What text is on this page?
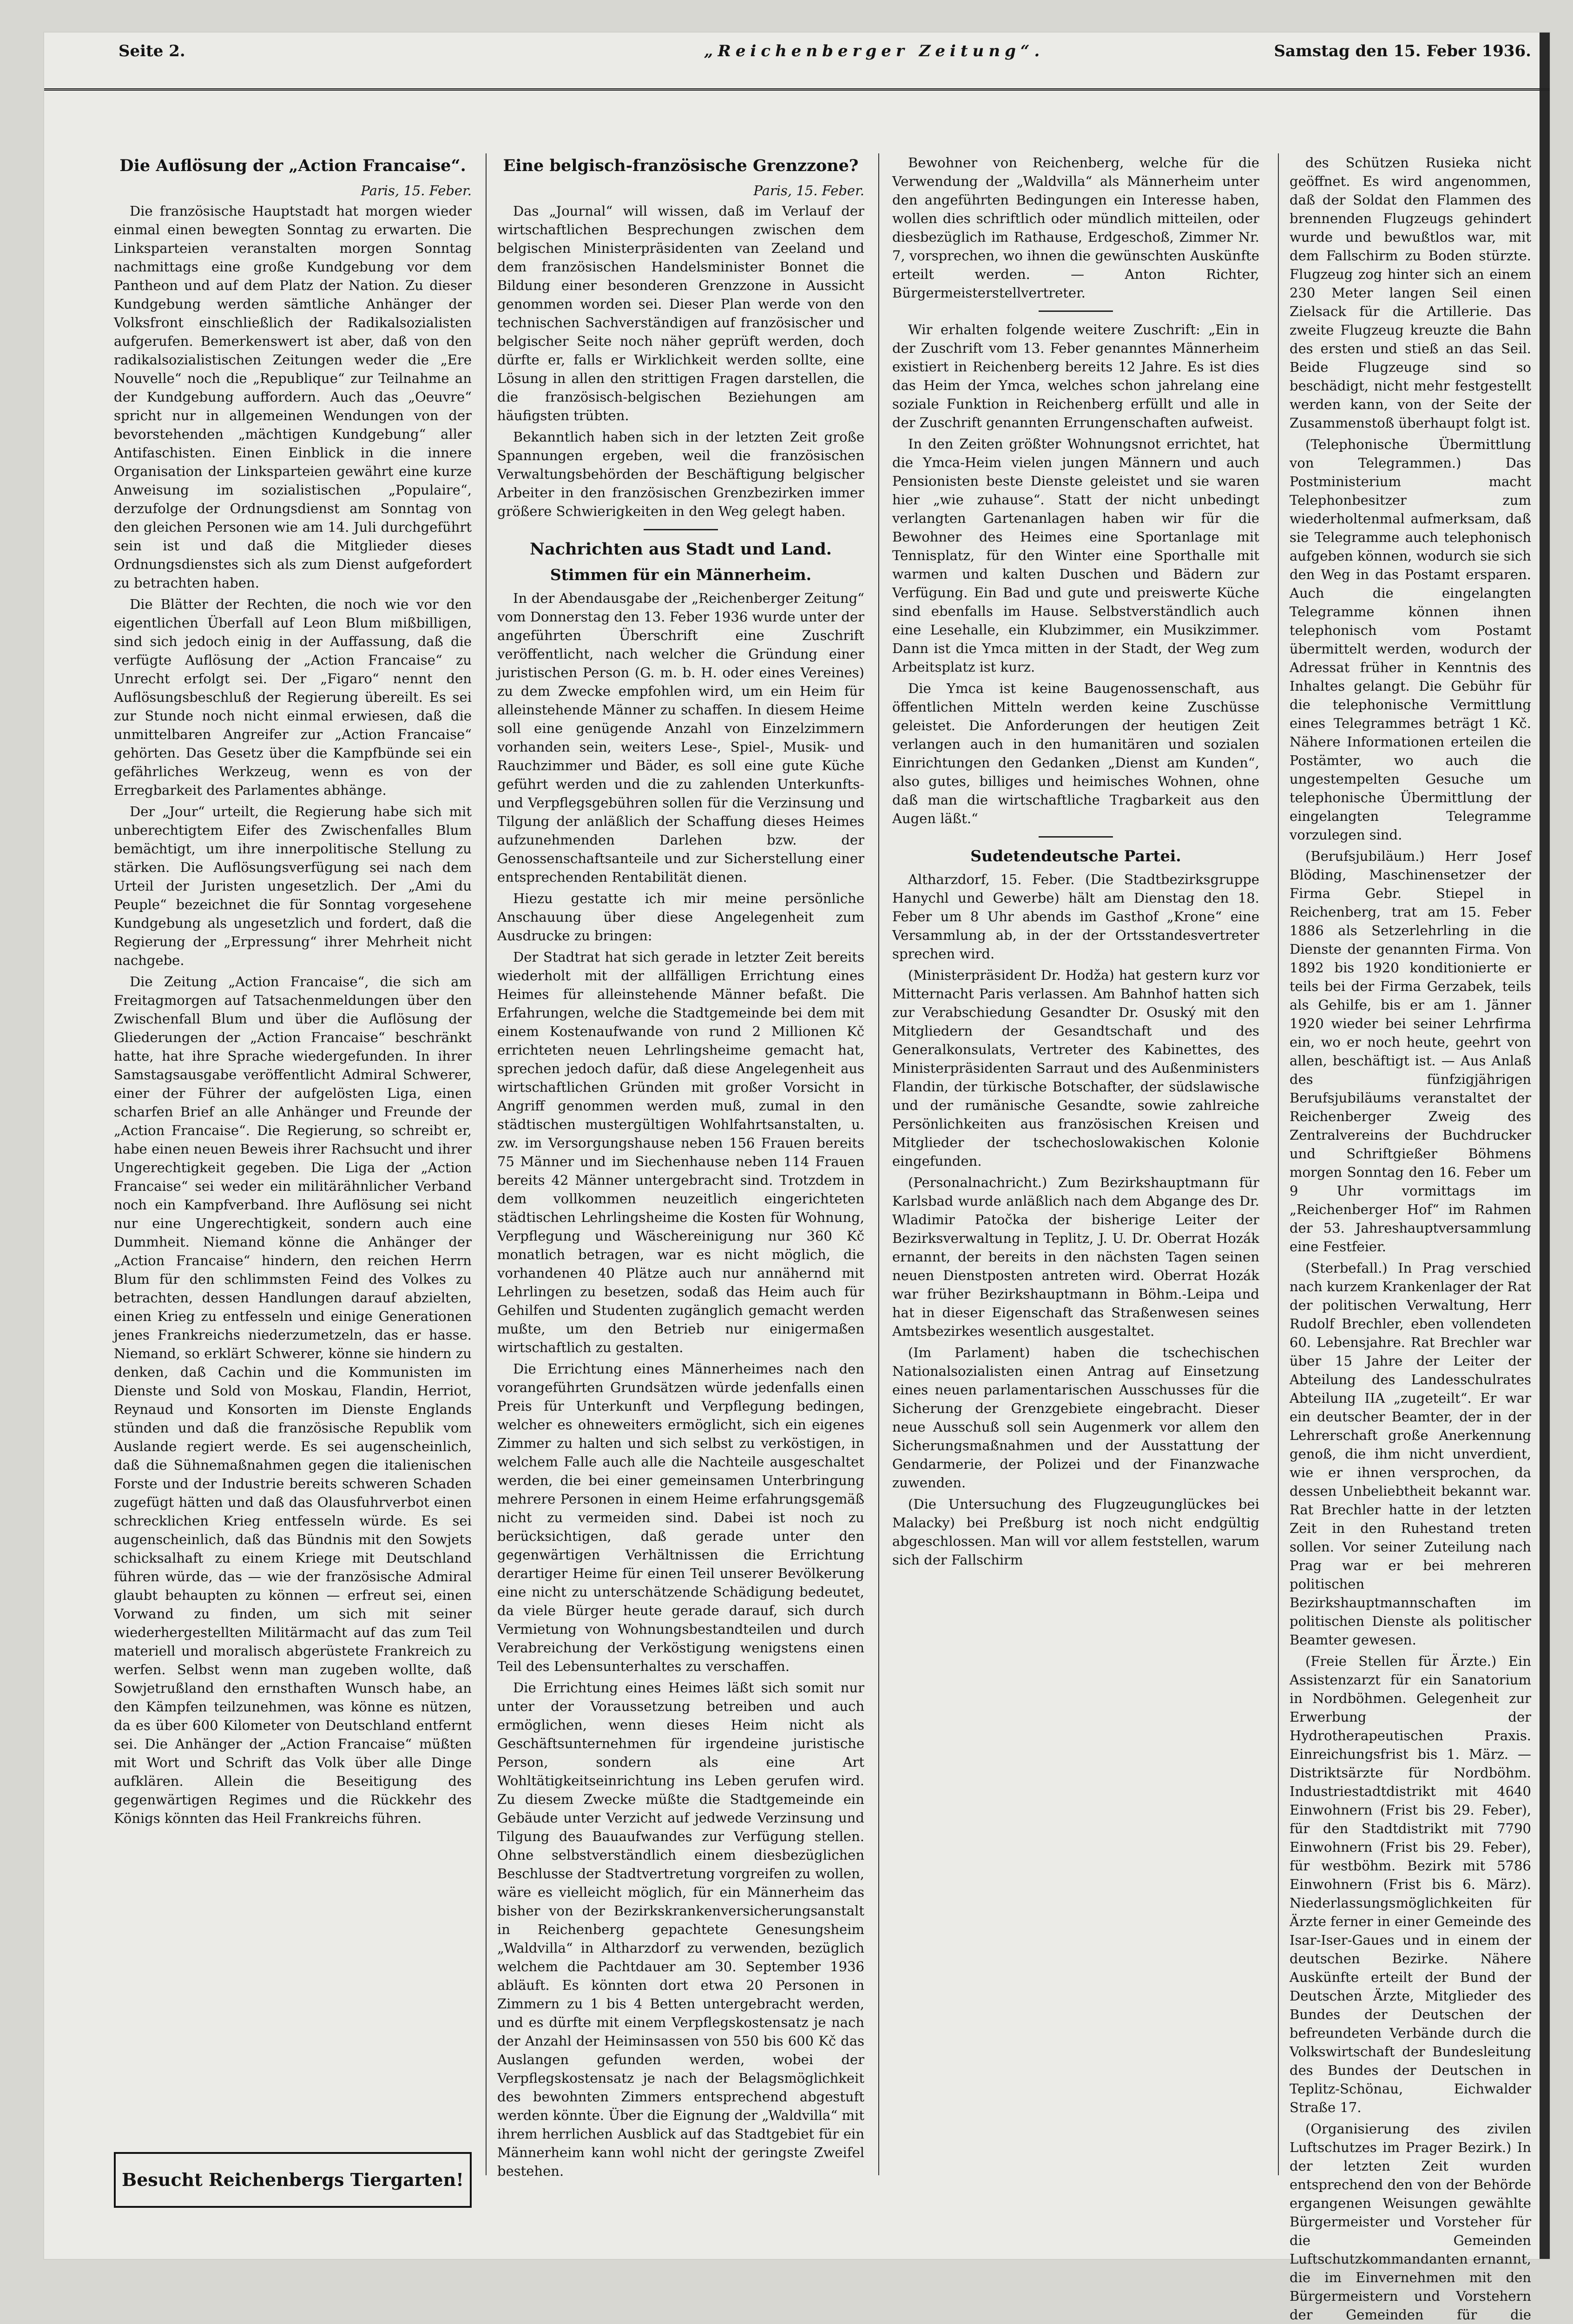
Seite 2.	„Reichenberger Zeitung“.	Samstag den 15. Feber 1936.
Die Auflösung der „Action Francaise“.
Paris, 15. Feber.

Die französische Hauptstadt hat morgen wieder einmal einen bewegten Sonntag zu erwarten. Die Linksparteien veranstalten morgen Sonntag nachmittags eine große Kundgebung vor dem Pantheon und auf dem Platz der Nation. Zu dieser Kundgebung werden sämtliche Anhänger der Volksfront einschließlich der Radikalsozialisten aufgerufen. Bemerkenswert ist aber, daß von den radikalsozialistischen Zeitungen weder die „Ere Nouvelle“ noch die „Republique“ zur Teilnahme an der Kundgebung auffordern. Auch das „Oeuvre“ spricht nur in allgemeinen Wendungen von der bevorstehenden „mächtigen Kundgebung“ aller Antifaschisten. Einen Einblick in die innere Organisation der Linksparteien gewährt eine kurze Anweisung im sozialistischen „Populaire“, derzufolge der Ordnungsdienst am Sonntag von den gleichen Personen wie am 14. Juli durchgeführt sein ist und daß die Mitglieder dieses Ordnungsdienstes sich als zum Dienst aufgefordert zu betrachten haben.

Die Blätter der Rechten, die noch wie vor den eigentlichen Überfall auf Leon Blum mißbilligen, sind sich jedoch einig in der Auffassung, daß die verfügte Auflösung der „Action Francaise“ zu Unrecht erfolgt sei. Der „Figaro“ nennt den Auflösungsbeschluß der Regierung übereilt. Es sei zur Stunde noch nicht einmal erwiesen, daß die unmittelbaren Angreifer zur „Action Francaise“ gehörten. Das Gesetz über die Kampfbünde sei ein gefährliches Werkzeug, wenn es von der Erregbarkeit des Parlamentes abhänge.

Der „Jour“ urteilt, die Regierung habe sich mit unberechtigtem Eifer des Zwischenfalles Blum bemächtigt, um ihre innerpolitische Stellung zu stärken. Die Auflösungsverfügung sei nach dem Urteil der Juristen ungesetzlich. Der „Ami du Peuple“ bezeichnet die für Sonntag vorgesehene Kundgebung als ungesetzlich und fordert, daß die Regierung der „Erpressung“ ihrer Mehrheit nicht nachgebe.

Die Zeitung „Action Francaise“, die sich am Freitagmorgen auf Tatsachenmeldungen über den Zwischenfall Blum und über die Auflösung der Gliederungen der „Action Francaise“ beschränkt hatte, hat ihre Sprache wiedergefunden. In ihrer Samstagsausgabe veröffentlicht Admiral Schwerer, einer der Führer der aufgelösten Liga, einen scharfen Brief an alle Anhänger und Freunde der „Action Francaise“. Die Regierung, so schreibt er, habe einen neuen Beweis ihrer Rachsucht und ihrer Ungerechtigkeit gegeben. Die Liga der „Action Francaise“ sei weder ein militärähnlicher Verband noch ein Kampfverband. Ihre Auflösung sei nicht nur eine Ungerechtigkeit, sondern auch eine Dummheit. Niemand könne die Anhänger der „Action Francaise“ hindern, den reichen Herrn Blum für den schlimmsten Feind des Volkes zu betrachten, dessen Handlungen darauf abzielten, einen Krieg zu entfesseln und einige Generationen jenes Frankreichs niederzumetzeln, das er hasse. Niemand, so erklärt Schwerer, könne sie hindern zu denken, daß Cachin und die Kommunisten im Dienste und Sold von Moskau, Flandin, Herriot, Reynaud und Konsorten im Dienste Englands stünden und daß die französische Republik vom Auslande regiert werde. Es sei augenscheinlich, daß die Sühnemaßnahmen gegen die italienischen Forste und der Industrie bereits schweren Schaden zugefügt hätten und daß das Olausfuhrverbot einen schrecklichen Krieg entfesseln würde. Es sei augenscheinlich, daß das Bündnis mit den Sowjets schicksalhaft zu einem Kriege mit Deutschland führen würde, das — wie der französische Admiral glaubt behaupten zu können — erfreut sei, einen Vorwand zu finden, um sich mit seiner wiederhergestellten Militärmacht auf das zum Teil materiell und moralisch abgerüstete Frankreich zu werfen. Selbst wenn man zugeben wollte, daß Sowjetrußland den ernsthaften Wunsch habe, an den Kämpfen teilzunehmen, was könne es nützen, da es über 600 Kilometer von Deutschland entfernt sei. Die Anhänger der „Action Francaise“ müßten mit Wort und Schrift das Volk über alle Dinge aufklären. Allein die Beseitigung des gegenwärtigen Regimes und die Rückkehr des Königs könnten das Heil Frankreichs führen.

Besucht Reichenbergs Tiergarten!
Eine belgisch-französische Grenzzone?
Paris, 15. Feber.

Das „Journal“ will wissen, daß im Verlauf der wirtschaftlichen Besprechungen zwischen dem belgischen Ministerpräsidenten van Zeeland und dem französischen Handelsminister Bonnet die Bildung einer besonderen Grenzzone in Aussicht genommen worden sei. Dieser Plan werde von den technischen Sachverständigen auf französischer und belgischer Seite noch näher geprüft werden, doch dürfte er, falls er Wirklichkeit werden sollte, eine Lösung in allen den strittigen Fragen darstellen, die die französisch-belgischen Beziehungen am häufigsten trübten.

Bekanntlich haben sich in der letzten Zeit große Spannungen ergeben, weil die französischen Verwaltungsbehörden der Beschäftigung belgischer Arbeiter in den französischen Grenzbezirken immer größere Schwierigkeiten in den Weg gelegt haben.

Nachrichten aus Stadt und Land.
Stimmen für ein Männerheim.

In der Abendausgabe der „Reichenberger Zeitung“ vom Donnerstag den 13. Feber 1936 wurde unter der angeführten Überschrift eine Zuschrift veröffentlicht, nach welcher die Gründung einer juristischen Person (G. m. b. H. oder eines Vereines) zu dem Zwecke empfohlen wird, um ein Heim für alleinstehende Männer zu schaffen. In diesem Heime soll eine genügende Anzahl von Einzelzimmern vorhanden sein, weiters Lese-, Spiel-, Musik- und Rauchzimmer und Bäder, es soll eine gute Küche geführt werden und die zu zahlenden Unterkunfts- und Verpflegsgebühren sollen für die Verzinsung und Tilgung der anläßlich der Schaffung dieses Heimes aufzunehmenden Darlehen bzw. der Genossenschaftsanteile und zur Sicherstellung einer entsprechenden Rentabilität dienen.

Hiezu gestatte ich mir meine persönliche Anschauung über diese Angelegenheit zum Ausdrucke zu bringen:

Der Stadtrat hat sich gerade in letzter Zeit bereits wiederholt mit der allfälligen Errichtung eines Heimes für alleinstehende Männer befaßt. Die Erfahrungen, welche die Stadtgemeinde bei dem mit einem Kostenaufwande von rund 2 Millionen Kč errichteten neuen Lehrlingsheime gemacht hat, sprechen jedoch dafür, daß diese Angelegenheit aus wirtschaftlichen Gründen mit großer Vorsicht in Angriff genommen werden muß, zumal in den städtischen mustergültigen Wohlfahrtsanstalten, u. zw. im Versorgungshause neben 156 Frauen bereits 75 Männer und im Siechenhause neben 114 Frauen bereits 42 Männer untergebracht sind. Trotzdem in dem vollkommen neuzeitlich eingerichteten städtischen Lehrlingsheime die Kosten für Wohnung, Verpflegung und Wäschereinigung nur 360 Kč monatlich betragen, war es nicht möglich, die vorhandenen 40 Plätze auch nur annähernd mit Lehrlingen zu besetzen, sodaß das Heim auch für Gehilfen und Studenten zugänglich gemacht werden mußte, um den Betrieb nur einigermaßen wirtschaftlich zu gestalten.

Die Errichtung eines Männerheimes nach den vorangeführten Grundsätzen würde jedenfalls einen Preis für Unterkunft und Verpflegung bedingen, welcher es ohneweiters ermöglicht, sich ein eigenes Zimmer zu halten und sich selbst zu verköstigen, in welchem Falle auch alle die Nachteile ausgeschaltet werden, die bei einer gemeinsamen Unterbringung mehrere Personen in einem Heime erfahrungsgemäß nicht zu vermeiden sind. Dabei ist noch zu berücksichtigen, daß gerade unter den gegenwärtigen Verhältnissen die Errichtung derartiger Heime für einen Teil unserer Bevölkerung eine nicht zu unterschätzende Schädigung bedeutet, da viele Bürger heute gerade darauf, sich durch Vermietung von Wohnungsbestandteilen und durch Verabreichung der Verköstigung wenigstens einen Teil des Lebensunterhaltes zu verschaffen.

Die Errichtung eines Heimes läßt sich somit nur unter der Voraussetzung betreiben und auch ermöglichen, wenn dieses Heim nicht als Geschäftsunternehmen für irgendeine juristische Person, sondern als eine Art Wohltätigkeitseinrichtung ins Leben gerufen wird. Zu diesem Zwecke müßte die Stadtgemeinde ein Gebäude unter Verzicht auf jedwede Verzinsung und Tilgung des Bauaufwandes zur Verfügung stellen. Ohne selbstverständlich einem diesbezüglichen Beschlusse der Stadtvertretung vorgreifen zu wollen, wäre es vielleicht möglich, für ein Männerheim das bisher von der Bezirkskrankenversicherungsanstalt in Reichenberg gepachtete Genesungsheim „Waldvilla“ in Altharzdorf zu verwenden, bezüglich welchem die Pachtdauer am 30. September 1936 abläuft. Es könnten dort etwa 20 Personen in Zimmern zu 1 bis 4 Betten untergebracht werden, und es dürfte mit einem Verpflegskostensatz je nach der Anzahl der Heiminsassen von 550 bis 600 Kč das Auslangen gefunden werden, wobei der Verpflegskostensatz je nach der Belagsmöglichkeit des bewohnten Zimmers entsprechend abgestuft werden könnte. Über die Eignung der „Waldvilla“ mit ihrem herrlichen Ausblick auf das Stadtgebiet für ein Männerheim kann wohl nicht der geringste Zweifel bestehen.

Bewohner von Reichenberg, welche für die Verwendung der „Waldvilla“ als Männerheim unter den angeführten Bedingungen ein Interesse haben, wollen dies schriftlich oder mündlich mitteilen, oder diesbezüglich im Rathause, Erdgeschoß, Zimmer Nr. 7, vorsprechen, wo ihnen die gewünschten Auskünfte erteilt werden. — Anton Richter, Bürgermeisterstellvertreter.

Wir erhalten folgende weitere Zuschrift: „Ein in der Zuschrift vom 13. Feber genanntes Männerheim existiert in Reichenberg bereits 12 Jahre. Es ist dies das Heim der Ymca, welches schon jahrelang eine soziale Funktion in Reichenberg erfüllt und alle in der Zuschrift genannten Errungenschaften aufweist.

In den Zeiten größter Wohnungsnot errichtet, hat die Ymca-Heim vielen jungen Männern und auch Pensionisten beste Dienste geleistet und sie waren hier „wie zuhause“. Statt der nicht unbedingt verlangten Gartenanlagen haben wir für die Bewohner des Heimes eine Sportanlage mit Tennisplatz, für den Winter eine Sporthalle mit warmen und kalten Duschen und Bädern zur Verfügung. Ein Bad und gute und preiswerte Küche sind ebenfalls im Hause. Selbstverständlich auch eine Lesehalle, ein Klubzimmer, ein Musikzimmer. Dann ist die Ymca mitten in der Stadt, der Weg zum Arbeitsplatz ist kurz.

Die Ymca ist keine Baugenossenschaft, aus öffentlichen Mitteln werden keine Zuschüsse geleistet. Die Anforderungen der heutigen Zeit verlangen auch in den humanitären und sozialen Einrichtungen den Gedanken „Dienst am Kunden“, also gutes, billiges und heimisches Wohnen, ohne daß man die wirtschaftliche Tragbarkeit aus den Augen läßt.“

Sudetendeutsche Partei.

Altharzdorf, 15. Feber. (Die Stadtbezirksgruppe Hanychl und Gewerbe) hält am Dienstag den 18. Feber um 8 Uhr abends im Gasthof „Krone“ eine Versammlung ab, in der der Ortsstandesvertreter sprechen wird.

(Ministerpräsident Dr. Hodža) hat gestern kurz vor Mitternacht Paris verlassen. Am Bahnhof hatten sich zur Verabschiedung Gesandter Dr. Osuský mit den Mitgliedern der Gesandtschaft und des Generalkonsulats, Vertreter des Kabinettes, des Ministerpräsidenten Sarraut und des Außenministers Flandin, der türkische Botschafter, der südslawische und der rumänische Gesandte, sowie zahlreiche Persönlichkeiten aus französischen Kreisen und Mitglieder der tschechoslowakischen Kolonie eingefunden.

(Personalnachricht.) Zum Bezirkshauptmann für Karlsbad wurde anläßlich nach dem Abgange des Dr. Wladimir Patočka der bisherige Leiter der Bezirksverwaltung in Teplitz, J. U. Dr. Oberrat Hozák ernannt, der bereits in den nächsten Tagen seinen neuen Dienstposten antreten wird. Oberrat Hozák war früher Bezirkshauptmann in Böhm.-Leipa und hat in dieser Eigenschaft das Straßenwesen seines Amtsbezirkes wesentlich ausgestaltet.

(Im Parlament) haben die tschechischen Nationalsozialisten einen Antrag auf Einsetzung eines neuen parlamentarischen Ausschusses für die Sicherung der Grenzgebiete eingebracht. Dieser neue Ausschuß soll sein Augenmerk vor allem den Sicherungsmaßnahmen und der Ausstattung der Gendarmerie, der Polizei und der Finanzwache zuwenden.

(Die Untersuchung des Flugzeugunglückes bei Malacky) bei Preßburg ist noch nicht endgültig abgeschlossen. Man will vor allem feststellen, warum sich der Fallschirm

des Schützen Rusieka nicht geöffnet. Es wird angenommen, daß der Soldat den Flammen des brennenden Flugzeugs gehindert wurde und bewußtlos war, mit dem Fallschirm zu Boden stürzte. Flugzeug zog hinter sich an einem 230 Meter langen Seil einen Zielsack für die Artillerie. Das zweite Flugzeug kreuzte die Bahn des ersten und stieß an das Seil. Beide Flugzeuge sind so beschädigt, nicht mehr festgestellt werden kann, von der Seite der Zusammenstoß überhaupt folgt ist.

(Telephonische Übermittlung von Telegrammen.) Das Postministerium macht Telephonbesitzer zum wiederholtenmal aufmerksam, daß sie Telegramme auch telephonisch aufgeben können, wodurch sie sich den Weg in das Postamt ersparen. Auch die eingelangten Telegramme können ihnen telephonisch vom Postamt übermittelt werden, wodurch der Adressat früher in Kenntnis des Inhaltes gelangt. Die Gebühr für die telephonische Vermittlung eines Telegrammes beträgt 1 Kč. Nähere Informationen erteilen die Postämter, wo auch die ungestempelten Gesuche um telephonische Übermittlung der eingelangten Telegramme vorzulegen sind.

(Berufsjubiläum.) Herr Josef Blöding, Maschinensetzer der Firma Gebr. Stiepel in Reichenberg, trat am 15. Feber 1886 als Setzerlehrling in die Dienste der genannten Firma. Von 1892 bis 1920 konditionierte er teils bei der Firma Gerzabek, teils als Gehilfe, bis er am 1. Jänner 1920 wieder bei seiner Lehrfirma ein, wo er noch heute, geehrt von allen, beschäftigt ist. — Aus Anlaß des fünfzigjährigen Berufsjubiläums veranstaltet der Reichenberger Zweig des Zentralvereins der Buchdrucker und Schriftgießer Böhmens morgen Sonntag den 16. Feber um 9 Uhr vormittags im „Reichenberger Hof“ im Rahmen der 53. Jahreshauptversammlung eine Festfeier.

(Sterbefall.) In Prag verschied nach kurzem Krankenlager der Rat der politischen Verwaltung, Herr Rudolf Brechler, eben vollendeten 60. Lebensjahre. Rat Brechler war über 15 Jahre der Leiter der Abteilung des Landesschulrates Abteilung IIA „zugeteilt“. Er war ein deutscher Beamter, der in der Lehrerschaft große Anerkennung genoß, die ihm nicht unverdient, wie er ihnen versprochen, da dessen Unbeliebtheit bekannt war. Rat Brechler hatte in der letzten Zeit in den Ruhestand treten sollen. Vor seiner Zuteilung nach Prag war er bei mehreren politischen Bezirkshauptmannschaften im politischen Dienste als politischer Beamter gewesen.

(Freie Stellen für Ärzte.) Ein Assistenzarzt für ein Sanatorium in Nordböhmen. Gelegenheit zur Erwerbung der Hydrotherapeutischen Praxis. Einreichungsfrist bis 1. März. — Distriktsärzte für Nordböhm. Industriestadtdistrikt mit 4640 Einwohnern (Frist bis 29. Feber), für den Stadtdistrikt mit 7790 Einwohnern (Frist bis 29. Feber), für westböhm. Bezirk mit 5786 Einwohnern (Frist bis 6. März). Niederlassungsmöglichkeiten für Ärzte ferner in einer Gemeinde des Isar-Iser-Gaues und in einem der deutschen Bezirke. Nähere Auskünfte erteilt der Bund der Deutschen Ärzte, Mitglieder des Bundes der Deutschen der befreundeten Verbände durch die Volkswirtschaft der Bundesleitung des Bundes der Deutschen in Teplitz-Schönau, Eichwalder Straße 17.

(Organisierung des zivilen Luftschutzes im Prager Bezirk.) In der letzten Zeit wurden entsprechend den von der Behörde ergangenen Weisungen gewählte Bürgermeister und Vorsteher für die Gemeinden Luftschutzkommandanten ernannt, die im Einvernehmen mit den Bürgermeistern und Vorstehern der Gemeinden für die
